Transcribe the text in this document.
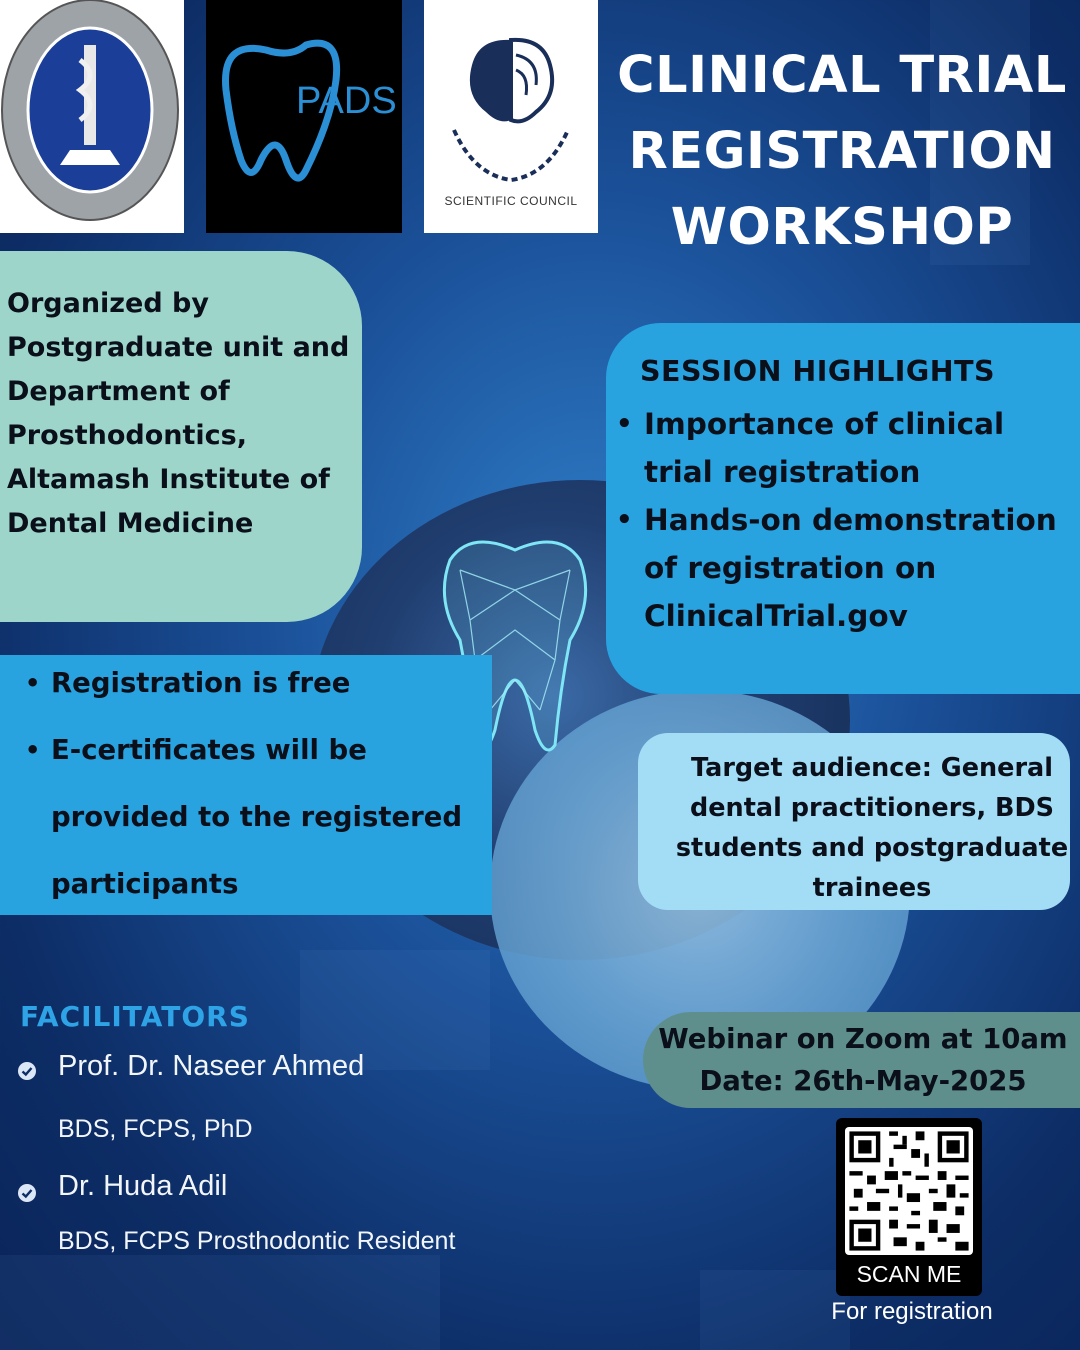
PADS
SCIENTIFIC COUNCIL
CLINICAL TRIAL
REGISTRATION
WORKSHOP
Organized by
Postgraduate unit and
Department of
Prosthodontics,
Altamash Institute of
Dental Medicine
SESSION HIGHLIGHTS
• Importance of clinical
trial registration
• Hands-on demonstration
of registration on
ClinicalTrial.gov
• Registration is free
• E-certificates will be
provided to the registered
participants
Target audience: General
dental practitioners, BDS
students and postgraduate
trainees
FACILITATORS
Prof. Dr. Naseer Ahmed
BDS, FCPS, PhD
Dr. Huda Adil
BDS, FCPS Prosthodontic Resident
Webinar on Zoom at 10am
Date: 26th-May-2025
SCAN ME
For registration
